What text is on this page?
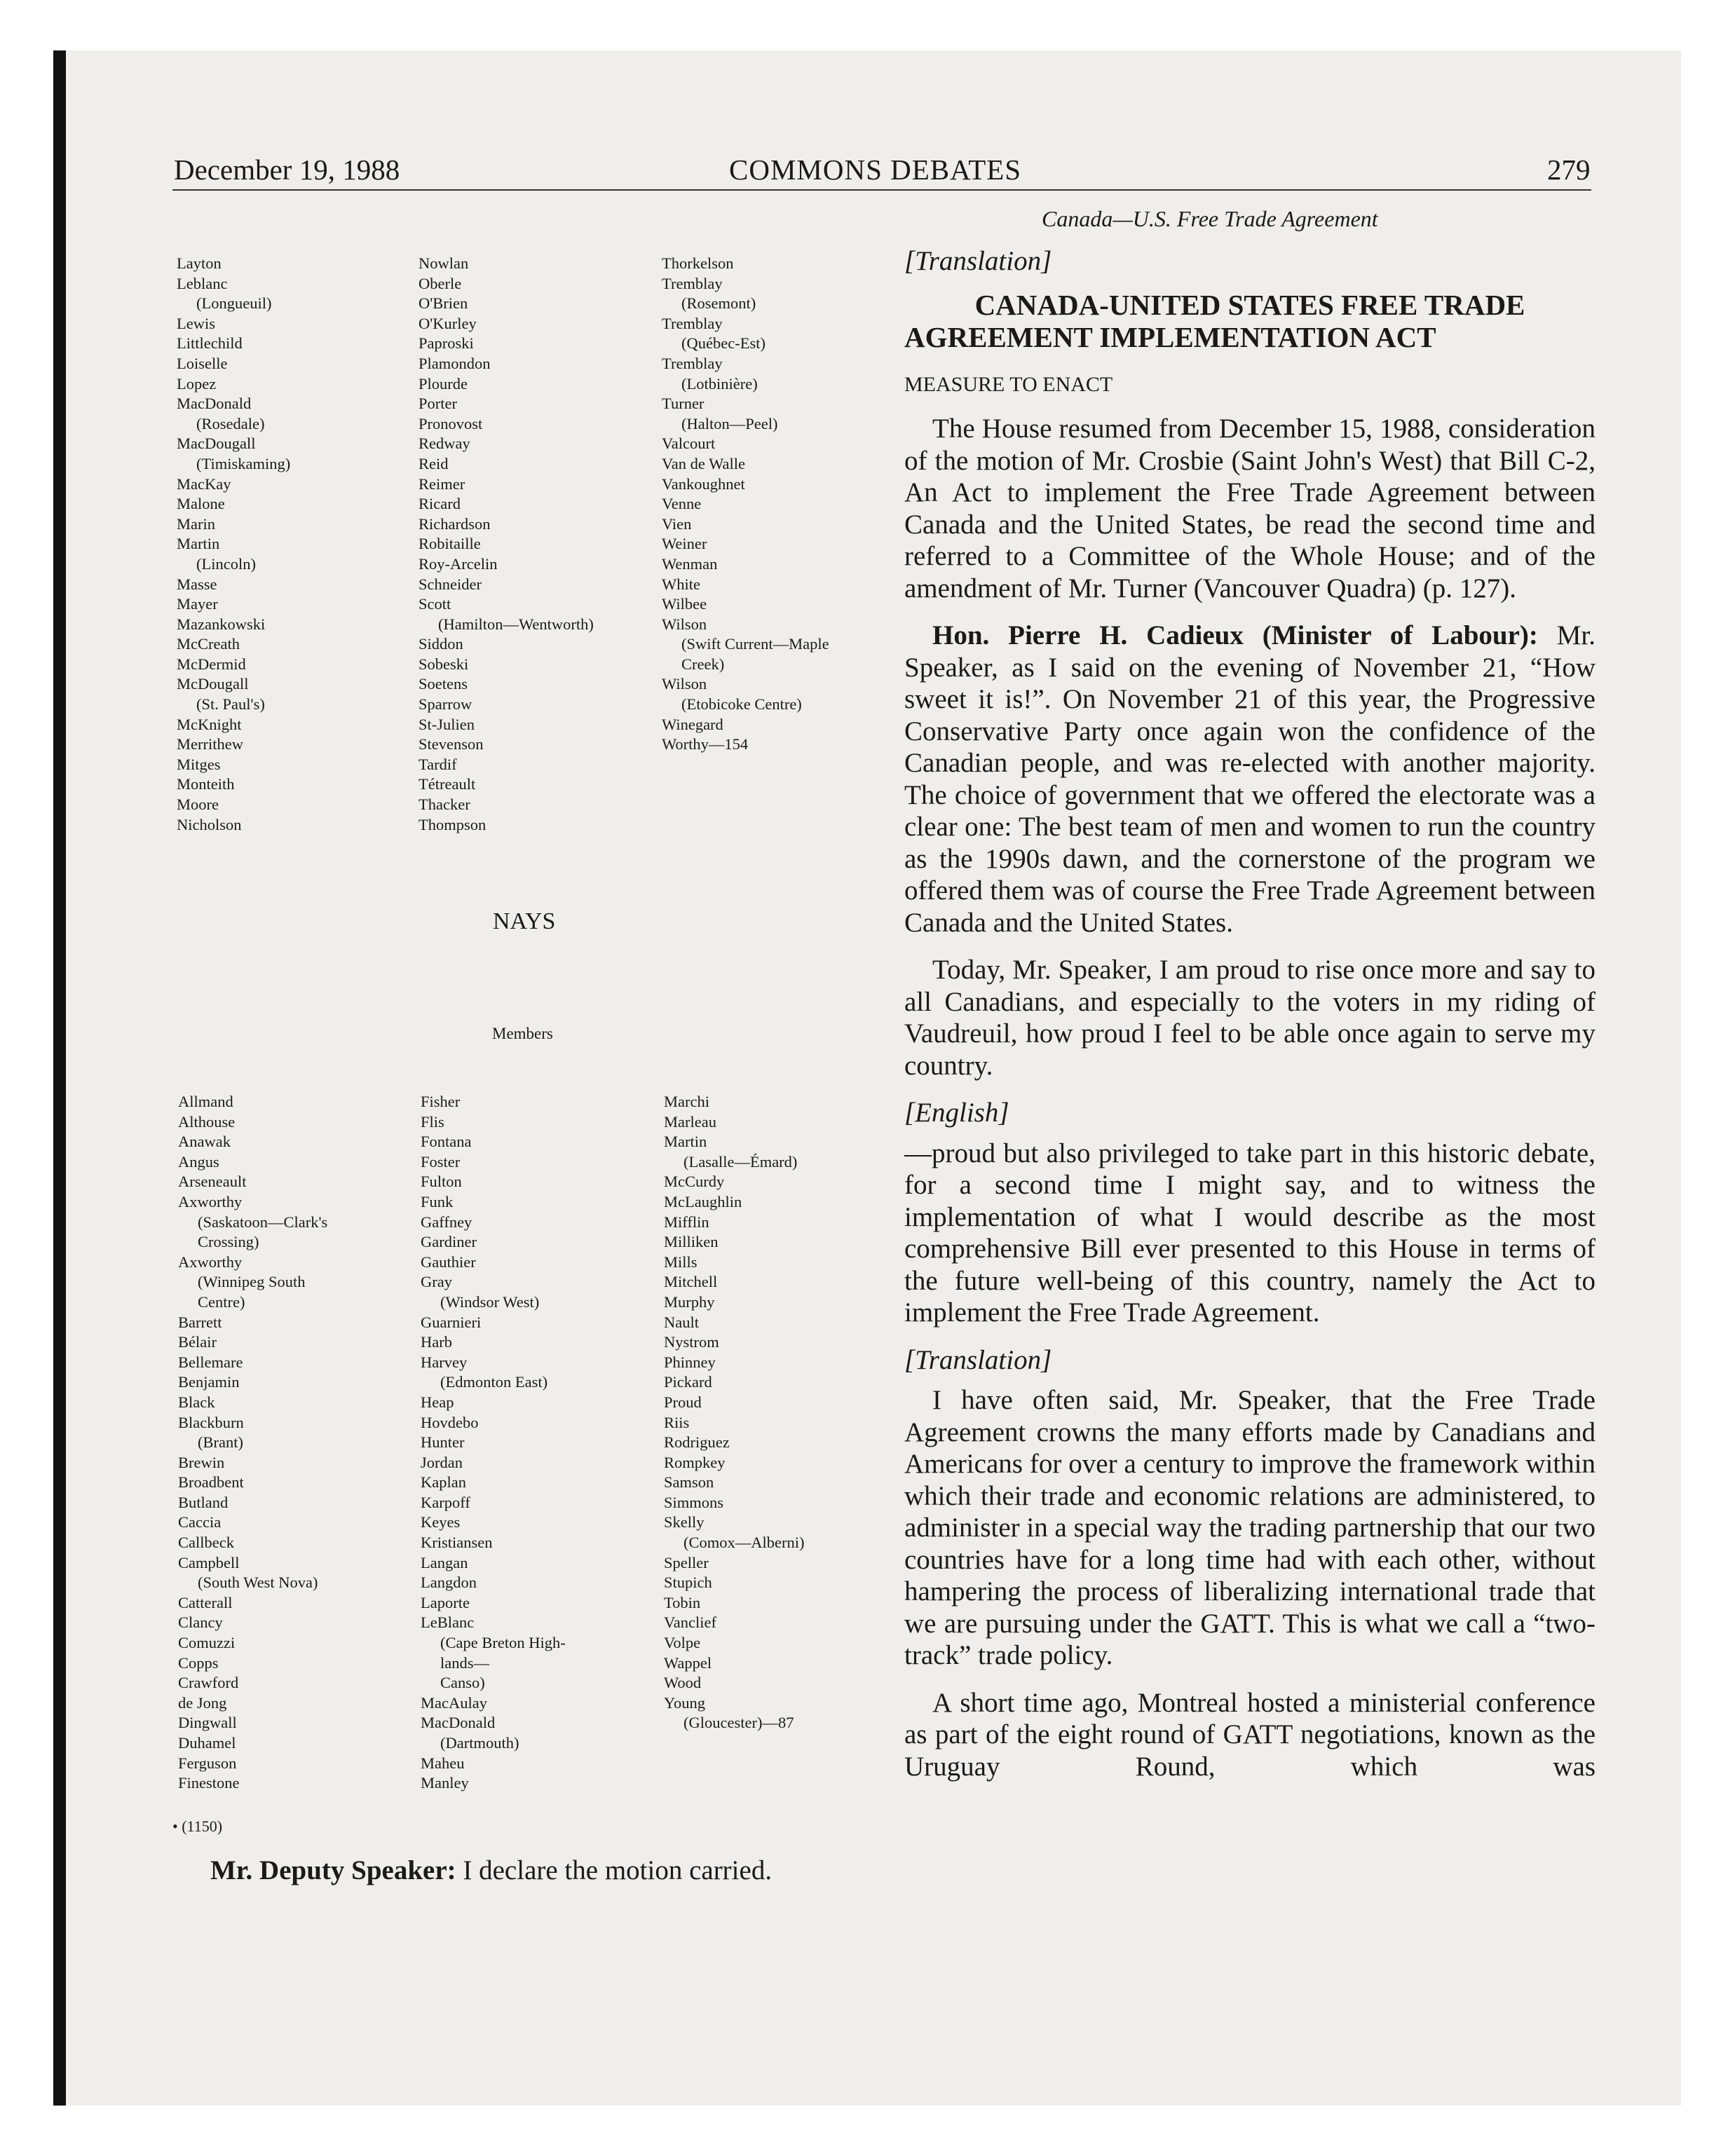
December 19, 1988	COMMONS DEBATES	279
Layton
Leblanc
(Longueuil)
Lewis
Littlechild
Loiselle
Lopez
MacDonald
(Rosedale)
MacDougall
(Timiskaming)
MacKay
Malone
Marin
Martin
(Lincoln)
Masse
Mayer
Mazankowski
McCreath
McDermid
McDougall
(St. Paul's)
McKnight
Merrithew
Mitges
Monteith
Moore
Nicholson
Nowlan
Oberle
O'Brien
O'Kurley
Paproski
Plamondon
Plourde
Porter
Pronovost
Redway
Reid
Reimer
Ricard
Richardson
Robitaille
Roy-Arcelin
Schneider
Scott
(Hamilton—Wentworth)
Siddon
Sobeski
Soetens
Sparrow
St-Julien
Stevenson
Tardif
Tétreault
Thacker
Thompson
Thorkelson
Tremblay
(Rosemont)
Tremblay
(Québec-Est)
Tremblay
(Lotbinière)
Turner
(Halton—Peel)
Valcourt
Van de Walle
Vankoughnet
Venne
Vien
Weiner
Wenman
White
Wilbee
Wilson
(Swift Current—Maple
Creek)
Wilson
(Etobicoke Centre)
Winegard
Worthy—154
NAYS
Members
Allmand
Althouse
Anawak
Angus
Arseneault
Axworthy
(Saskatoon—Clark's
Crossing)
Axworthy
(Winnipeg South
Centre)
Barrett
Bélair
Bellemare
Benjamin
Black
Blackburn
(Brant)
Brewin
Broadbent
Butland
Caccia
Callbeck
Campbell
(South West Nova)
Catterall
Clancy
Comuzzi
Copps
Crawford
de Jong
Dingwall
Duhamel
Ferguson
Finestone
Fisher
Flis
Fontana
Foster
Fulton
Funk
Gaffney
Gardiner
Gauthier
Gray
(Windsor West)
Guarnieri
Harb
Harvey
(Edmonton East)
Heap
Hovdebo
Hunter
Jordan
Kaplan
Karpoff
Keyes
Kristiansen
Langan
Langdon
Laporte
LeBlanc
(Cape Breton High-
lands—
Canso)
MacAulay
MacDonald
(Dartmouth)
Maheu
Manley
Marchi
Marleau
Martin
(Lasalle—Émard)
McCurdy
McLaughlin
Mifflin
Milliken
Mills
Mitchell
Murphy
Nault
Nystrom
Phinney
Pickard
Proud
Riis
Rodriguez
Rompkey
Samson
Simmons
Skelly
(Comox—Alberni)
Speller
Stupich
Tobin
Vanclief
Volpe
Wappel
Wood
Young
(Gloucester)—87
• (1150)
Mr. Deputy Speaker: I declare the motion carried.
Canada—U.S. Free Trade Agreement

[Translation]

CANADA-UNITED STATES FREE TRADE AGREEMENT IMPLEMENTATION ACT

MEASURE TO ENACT

The House resumed from December 15, 1988, consideration of the motion of Mr. Crosbie (Saint John's West) that Bill C-2, An Act to implement the Free Trade Agreement between Canada and the United States, be read the second time and referred to a Committee of the Whole House; and of the amendment of Mr. Turner (Vancouver Quadra) (p. 127).

Hon. Pierre H. Cadieux (Minister of Labour): Mr. Speaker, as I said on the evening of November 21, “How sweet it is!”. On November 21 of this year, the Progressive Conservative Party once again won the confidence of the Canadian people, and was re-elected with another majority. The choice of government that we offered the electorate was a clear one: The best team of men and women to run the country as the 1990s dawn, and the cornerstone of the program we offered them was of course the Free Trade Agreement between Canada and the United States.

Today, Mr. Speaker, I am proud to rise once more and say to all Canadians, and especially to the voters in my riding of Vaudreuil, how proud I feel to be able once again to serve my country.

[English]

—proud but also privileged to take part in this historic debate, for a second time I might say, and to witness the implementation of what I would describe as the most comprehensive Bill ever presented to this House in terms of the future well-being of this country, namely the Act to implement the Free Trade Agreement.

[Translation]

I have often said, Mr. Speaker, that the Free Trade Agreement crowns the many efforts made by Canadians and Americans for over a century to improve the framework within which their trade and economic relations are administered, to administer in a special way the trading partnership that our two countries have for a long time had with each other, without hampering the process of liberalizing international trade that we are pursuing under the GATT. This is what we call a “two-track” trade policy.

A short time ago, Montreal hosted a ministerial conference as part of the eight round of GATT negotiations, known as the Uruguay Round, which was
